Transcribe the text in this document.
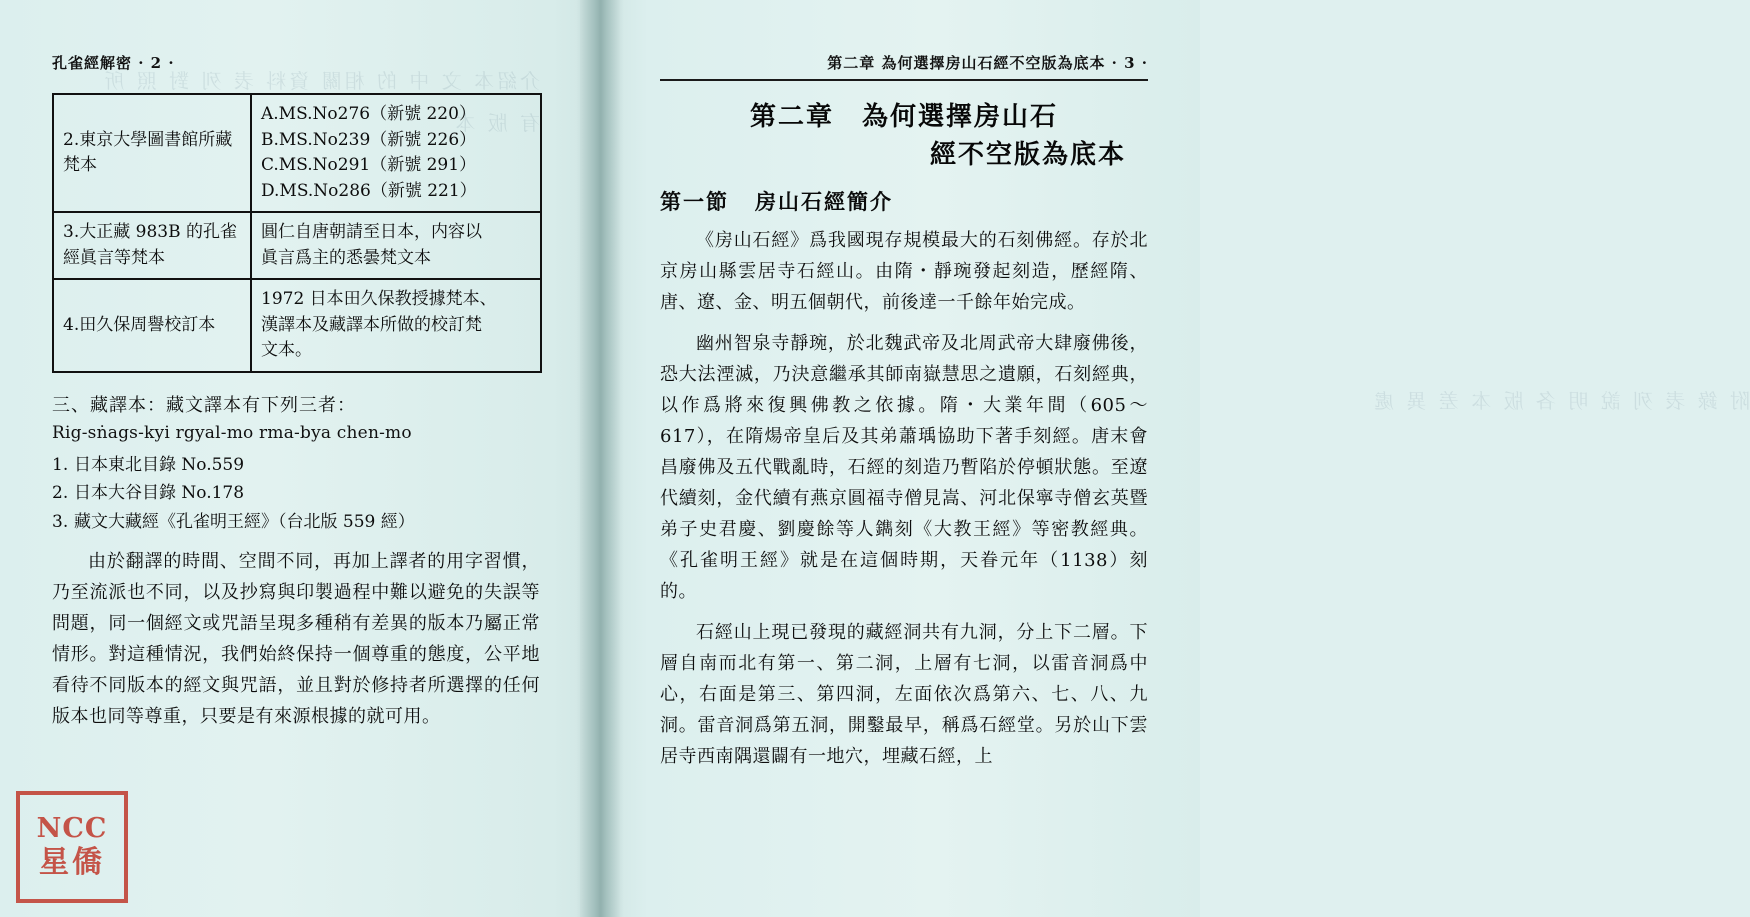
介紹本 文 中 的 相關 資料 表 列 對 照 所 有 版 本
孔雀經解密 · 2 ·
2.東京大學圖書館所藏梵本	A.MS.No276（新號 220）
B.MS.No239（新號 226）
C.MS.No291（新號 291）
D.MS.No286（新號 221）

3.大正藏 983B 的孔雀經眞言等梵本	圓仁自唐朝請至日本，内容以
眞言爲主的悉曇梵文本

4.田久保周譽校訂本	1972 日本田久保教授據梵本、
漢譯本及藏譯本所做的校訂梵
文本。
三、藏譯本：藏文譯本有下列三者：
Rig-sṅags-kyi rgyal-mo rma-bya chen-mo
1. 日本東北目錄 No.559
2. 日本大谷目錄 No.178
3. 藏文大藏經《孔雀明王經》（台北版 559 經）

由於翻譯的時間、空間不同，再加上譯者的用字習慣，乃至流派也不同，以及抄寫與印製過程中難以避免的失誤等問題，同一個經文或咒語呈現多種稍有差異的版本乃屬正常情形。對這種情況，我們始終保持一個尊重的態度，公平地看待不同版本的經文與咒語，並且對於修持者所選擇的任何版本也同等尊重，只要是有來源根據的就可用。

NCC
星僑
附 錄 表 列 說 明 各 版 本 差 異 處
第二章 為何選擇房山石經不空版為底本 · 3 ·
第二章　為何選擇房山石
經不空版為底本
第一節 房山石經簡介

《房山石經》爲我國現存規模最大的石刻佛經。存於北京房山縣雲居寺石經山。由隋・靜琬發起刻造，歷經隋、唐、遼、金、明五個朝代，前後達一千餘年始完成。

幽州智泉寺靜琬，於北魏武帝及北周武帝大肆廢佛後，恐大法湮滅，乃決意繼承其師南嶽慧思之遺願，石刻經典，以作爲將來復興佛教之依據。隋・大業年間（605〜617），在隋煬帝皇后及其弟蕭瑀協助下著手刻經。唐末會昌廢佛及五代戰亂時，石經的刻造乃暫陷於停頓狀態。至遼代續刻，金代續有燕京圓福寺僧見嵩、河北保寧寺僧玄英暨弟子史君慶、劉慶餘等人鐫刻《大教王經》等密教經典。《孔雀明王經》就是在這個時期，天眷元年（1138）刻的。

石經山上現已發現的藏經洞共有九洞，分上下二層。下層自南而北有第一、第二洞，上層有七洞，以雷音洞爲中心，右面是第三、第四洞，左面依次爲第六、七、八、九洞。雷音洞爲第五洞，開鑿最早，稱爲石經堂。另於山下雲居寺西南隅還闢有一地穴，埋藏石經，上
